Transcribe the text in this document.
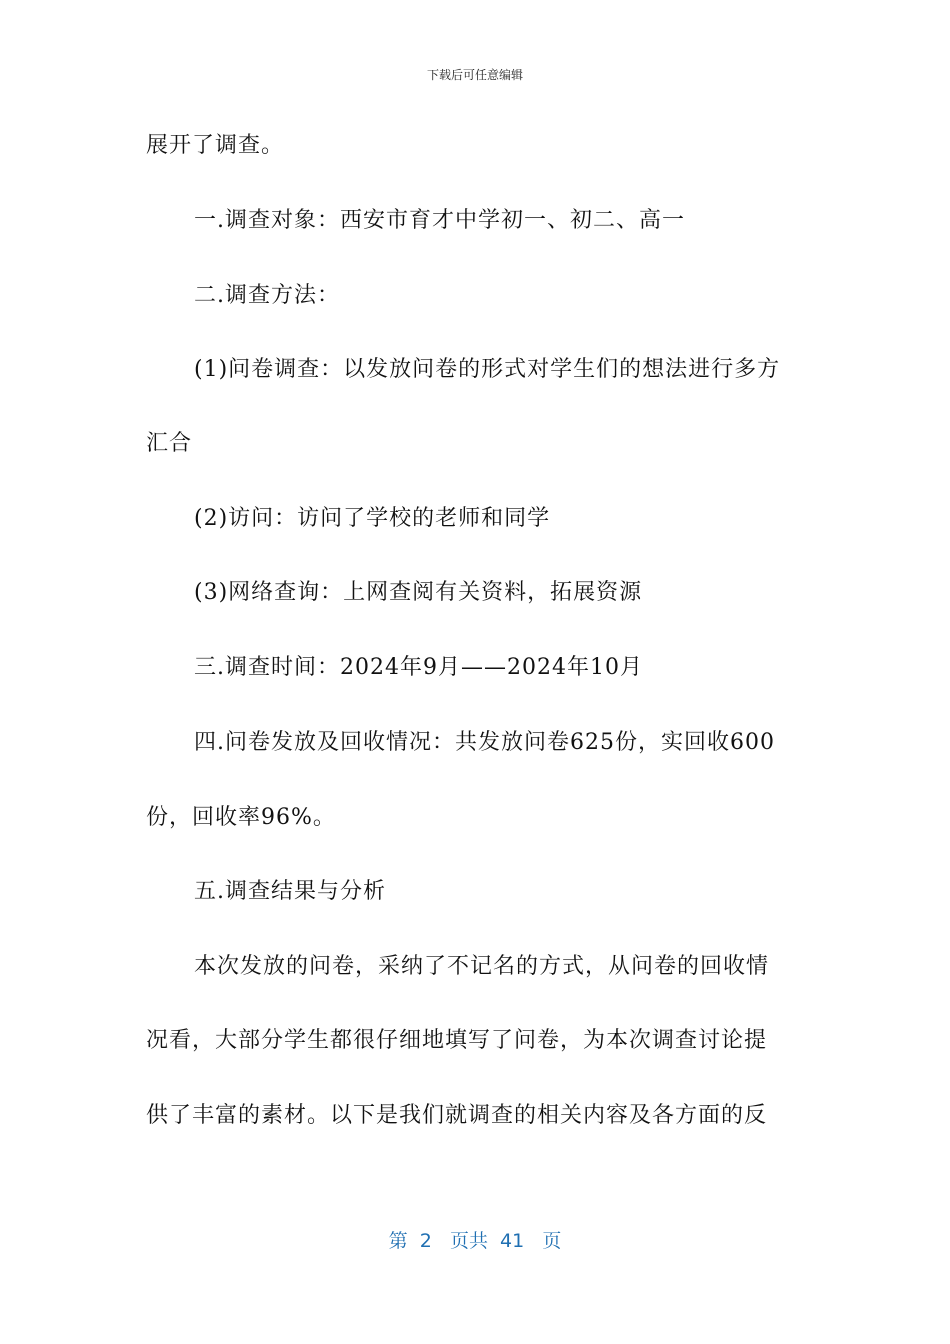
下载后可任意编辑
展开了调查。
一.调查对象：西安市育才中学初一、初二、高一
二.调查方法：
(1)问卷调查：以发放问卷的形式对学生们的想法进行多方
汇合
(2)访问：访问了学校的老师和同学
(3)网络查询：上网查阅有关资料，拓展资源
三.调查时间：2024年9月——2024年10月
四.问卷发放及回收情况：共发放问卷625份，实回收600
份，回收率96%。
五.调查结果与分析
本次发放的问卷，采纳了不记名的方式，从问卷的回收情
况看，大部分学生都很仔细地填写了问卷，为本次调查讨论提
供了丰富的素材。以下是我们就调查的相关内容及各方面的反
第 2 页共 41 页
